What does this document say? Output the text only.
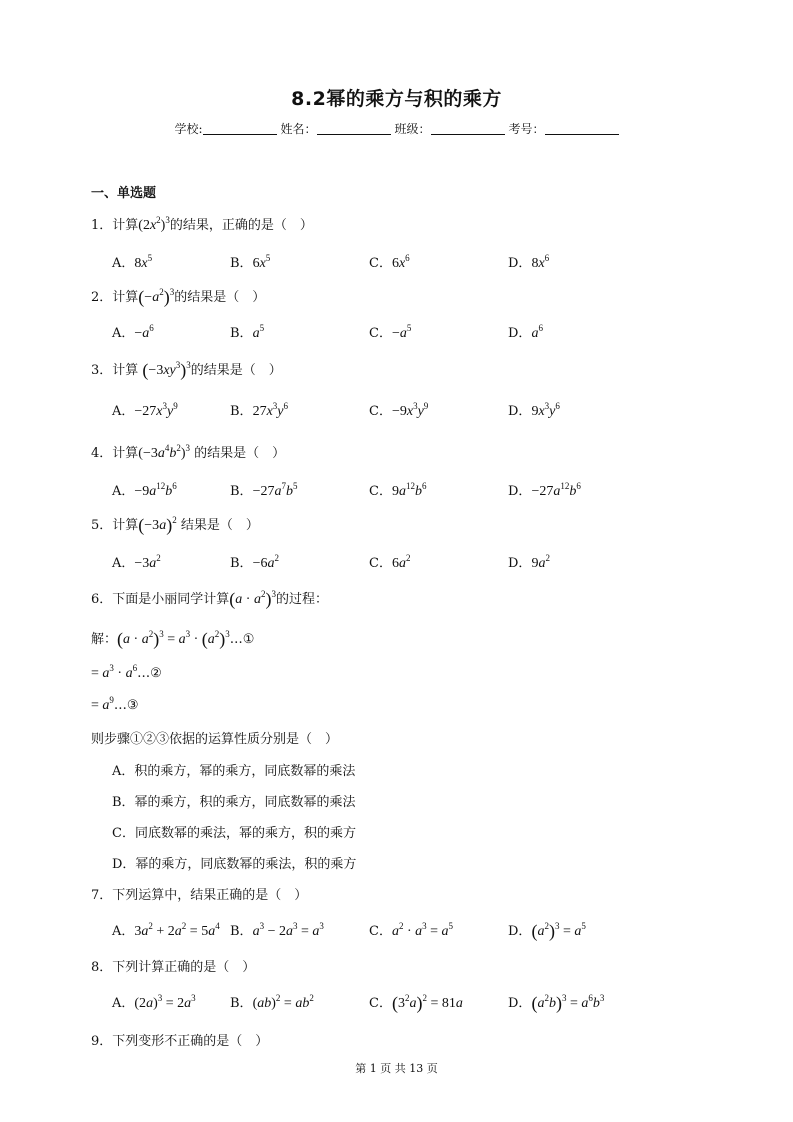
8.2幂的乘方与积的乘方
学校:	姓名：	班级：	考号：
一、单选题
1．计算$(2x^2)^3$的结果，正确的是（　）
A．$8x^5$	B．$6x^5$	C．$6x^6$	D．$8x^6$
2．计算$(-a^2)^3$的结果是（　）
A．$-a^6$	B．$a^5$	C．$-a^5$	D．$a^6$
3．计算 $(-3xy^3)^3$的结果是（　）
A．$-27x^3y^9$	B．$27x^3y^6$	C．$-9x^3y^9$	D．$9x^3y^6$
4．计算$(-3a^4b^2)^3$ 的结果是（　）
A．$-9a^{12}b^6$	B．$-27a^7b^5$	C．$9a^{12}b^6$	D．$-27a^{12}b^6$
5．计算$(-3a)^2$ 结果是（　）
A．$-3a^2$	B．$-6a^2$	C．$6a^2$	D．$9a^2$
6．下面是小丽同学计算$(a \cdot a^2)^3$的过程：
解：$(a \cdot a^2)^3 = a^3$ · $(a^2)^3\dots ①$
= $a^3$ · $a^6\dots ②$
= $a^9\dots ③$
则步骤①②③依据的运算性质分别是（　）
A．积的乘方，幂的乘方，同底数幂的乘法
B．幂的乘方，积的乘方，同底数幂的乘法
C．同底数幂的乘法，幂的乘方，积的乘方
D．幂的乘方，同底数幂的乘法，积的乘方
7．下列运算中，结果正确的是（　）
A．$3a^2 + 2a^2 = 5a^4$ B．$a^3 - 2a^3 = a^3$	C．$a^2 \cdot a^3 = a^5$	D．$(a^2)^3 = a^5$
8．下列计算正确的是（　）
A．$(2a)^3 = 2a^3$	B．$(ab)^2 = ab^2$	C．$(3^2a)^2 = 81a$	D．$(a^2b)^3 = a^6b^3$
9．下列变形不正确的是（　）
第 1 页 共 13 页
